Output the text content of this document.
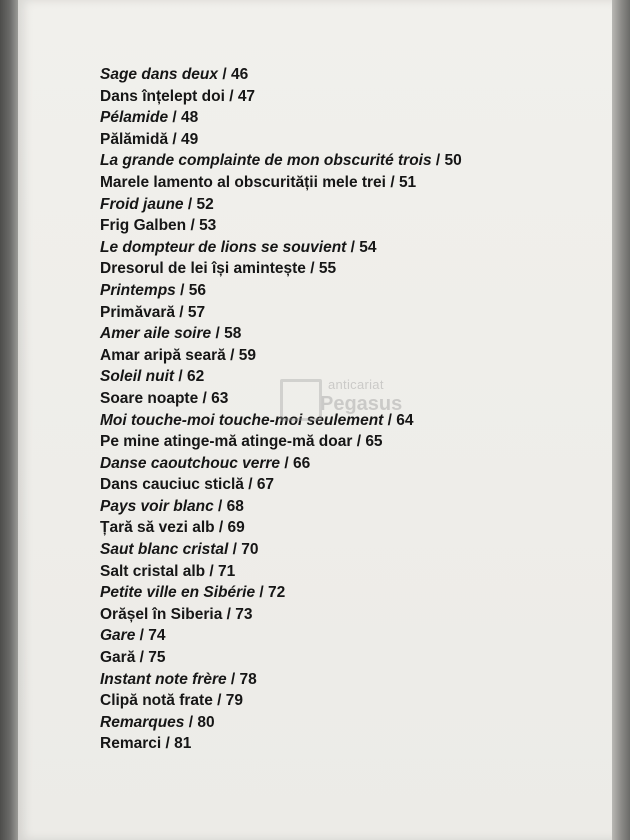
Sage dans deux / 46
Dans înțelept doi / 47
Pélamide / 48
Pălămidă / 49
La grande complainte de mon obscurité trois / 50
Marele lamento al obscurității mele trei / 51
Froid jaune / 52
Frig Galben / 53
Le dompteur de lions se souvient / 54
Dresorul de lei își amintește / 55
Printemps / 56
Primăvară / 57
Amer aile soire / 58
Amar aripă seară / 59
Soleil nuit / 62
Soare noapte / 63
Moi touche-moi touche-moi seulement / 64
Pe mine atinge-mă atinge-mă doar / 65
Danse caoutchouc verre / 66
Dans cauciuc sticlă / 67
Pays voir blanc / 68
Țară să vezi alb / 69
Saut blanc cristal / 70
Salt cristal alb / 71
Petite ville en Sibérie / 72
Orășel în Siberia / 73
Gare / 74
Gară / 75
Instant note frère / 78
Clipă notă frate / 79
Remarques / 80
Remarci / 81
anticariat
Pegasus
